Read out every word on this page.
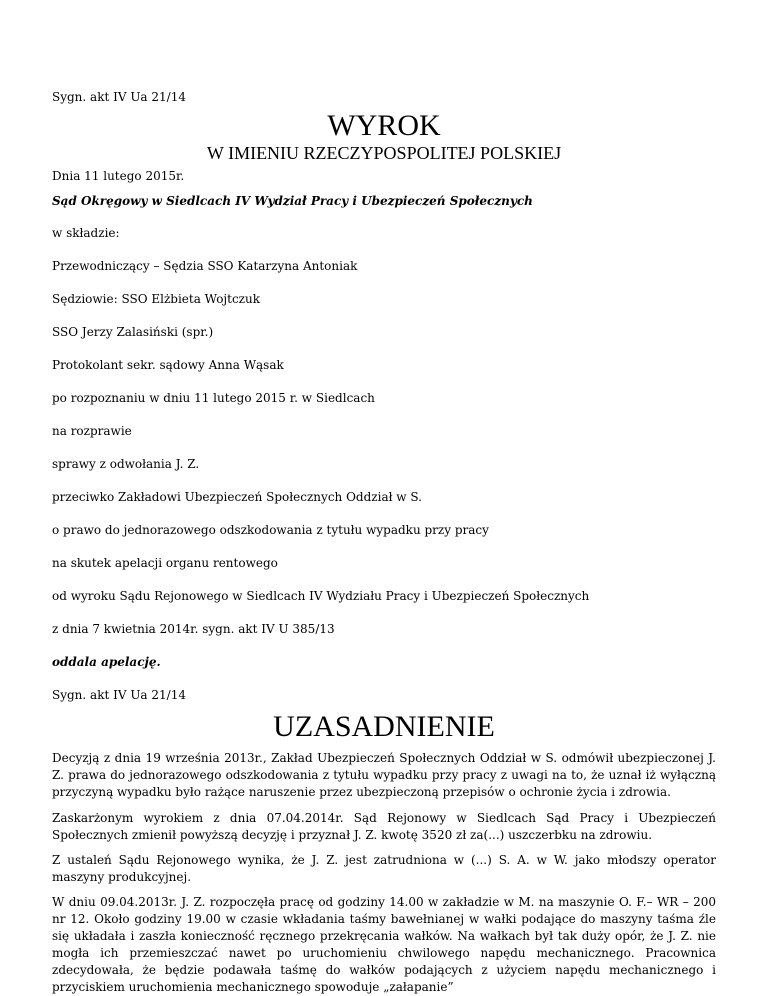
Sygn. akt IV Ua 21/14

WYROK
W IMIENIU RZECZYPOSPOLITEJ POLSKIEJ

Dnia 11 lutego 2015r.

Sąd Okręgowy w Siedlcach IV Wydział Pracy i Ubezpieczeń Społecznych

w składzie:

Przewodniczący – Sędzia SSO Katarzyna Antoniak

Sędziowie: SSO Elżbieta Wojtczuk

SSO Jerzy Zalasiński (spr.)

Protokolant sekr. sądowy Anna Wąsak

po rozpoznaniu w dniu 11 lutego 2015 r. w Siedlcach

na rozprawie

sprawy z odwołania J. Z.

przeciwko Zakładowi Ubezpieczeń Społecznych Oddział w S.

o prawo do jednorazowego odszkodowania z tytułu wypadku przy pracy

na skutek apelacji organu rentowego

od wyroku Sądu Rejonowego w Siedlcach IV Wydziału Pracy i Ubezpieczeń Społecznych

z dnia 7 kwietnia 2014r. sygn. akt IV U 385/13

oddala apelację.

Sygn. akt IV Ua 21/14

UZASADNIENIE

Decyzją z dnia 19 września 2013r., Zakład Ubezpieczeń Społecznych Oddział w S. odmówił ubezpieczonej J. Z. prawa do jednorazowego odszkodowania z tytułu wypadku przy pracy z uwagi na to, że uznał iż wyłączną przyczyną wypadku było rażące naruszenie przez ubezpieczoną przepisów o ochronie życia i zdrowia.

Zaskarżonym wyrokiem z dnia 07.04.2014r. Sąd Rejonowy w Siedlcach Sąd Pracy i Ubezpieczeń Społecznych zmienił powyższą decyzję i przyznał J. Z. kwotę 3520 zł za(...) uszczerbku na zdrowiu.

Z ustaleń Sądu Rejonowego wynika, że J. Z. jest zatrudniona w (...) S. A. w W. jako młodszy operator maszyny produkcyjnej.

W dniu 09.04.2013r. J. Z. rozpoczęła pracę od godziny 14.00 w zakładzie w M. na maszynie O. F.– WR – 200 nr 12. Około godziny 19.00 w czasie wkładania taśmy bawełnianej w wałki podające do maszyny taśma źle się układała i zaszła konieczność ręcznego przekręcania wałków. Na wałkach był tak duży opór, że J. Z. nie mogła ich przemieszczać nawet po uruchomieniu chwilowego napędu mechanicznego. Pracownica zdecydowała, że będzie podawała taśmę do wałków podających z użyciem napędu mechanicznego i przyciskiem uruchomienia mechanicznego spowoduje „załapanie”
